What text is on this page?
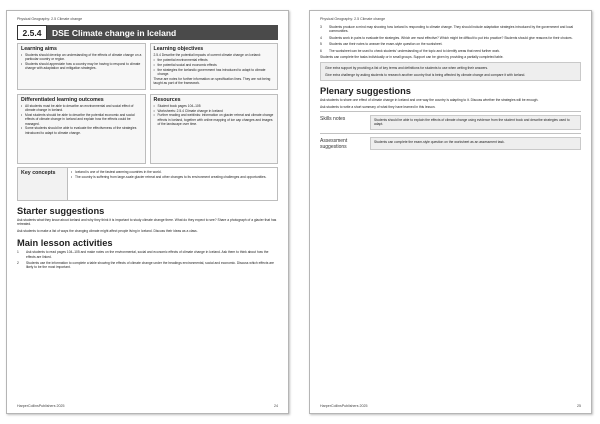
Physical Geography: 2.5 Climate change
2.5.4	DSE Climate change in Iceland
Learning aims
• Students should develop an understanding of the effects of climate change on a particular country or region.
• Students should appreciate how a country may be having to respond to climate change with adaptation and mitigation strategies.
Learning objectives
2.5.4 Describe the potential impacts of current climate change on Iceland:
• the potential environmental effects
• the potential social and economic effects
• the strategies the Icelandic government has introduced to adapt to climate change.
These are notes for further information on specification lines. They are not being taught as part of the framework.
Differentiated learning outcomes
• All students must be able to describe an environmental and social effect of climate change in Iceland.
• Most students should be able to describe the potential economic and social effects of climate change in Iceland and explain how the effects could be managed.
• Some students should be able to evaluate the effectiveness of the strategies introduced to adapt to climate change.
Resources
• Student book pages 104–105
• Worksheets: 2.5.4 Climate change in Iceland
• Further reading and weblinks: information on glacier retreat and climate change effects in Iceland, together with online mapping of ice cap changes and images of the landscape over time.
Key concepts
•	Iceland is one of the fastest warming countries in the world.
• The country is suffering from large-scale glacier retreat and other changes to its environment creating challenges and opportunities.
Starter suggestions
Ask students what they know about Iceland and why they think it is important to study climate change there. What do they expect to see? Share a photograph of a glacier that has retreated.
Ask students to make a list of ways the changing climate might affect people living in Iceland. Discuss their ideas as a class.
Main lesson activities
1 Ask students to read pages 104–105 and make notes on the environmental, social and economic effects of climate change in Iceland. Ask them to think about how the effects are linked.
2 Students use the information to complete a table showing the effects of climate change under the headings environmental, social and economic. Discuss which effects are likely to be the most important.
HarperCollinsPublishers 2025	24
Physical Geography: 2.5 Climate change
3 Students produce a mind map showing how Iceland is responding to climate change. They should include adaptation strategies introduced by the government and local communities.
4 Students work in pairs to evaluate the strategies. Which are most effective? Which might be difficult to put into practice? Students should give reasons for their choices.
5 Students use their notes to answer the exam-style question on the worksheet.
6 The worksheet can be used to check students' understanding of the topic and to identify areas that need further work.
Students can complete the tasks individually or in small groups. Support can be given by providing a partially completed table.
Give extra support by providing a list of key terms and definitions for students to use when writing their answers.
Give extra challenge by asking students to research another country that is being affected by climate change and compare it with Iceland.
Plenary suggestions
Ask students to share one effect of climate change in Iceland and one way the country is adapting to it. Discuss whether the strategies will be enough.
Ask students to write a short summary of what they have learned in this lesson.
Skills notes	Students should be able to explain the effects of climate change using evidence from the student book and describe strategies used to adapt.
Assessment suggestions
Students can complete the exam-style question on the worksheet as an assessment task.
HarperCollinsPublishers 2025	25
